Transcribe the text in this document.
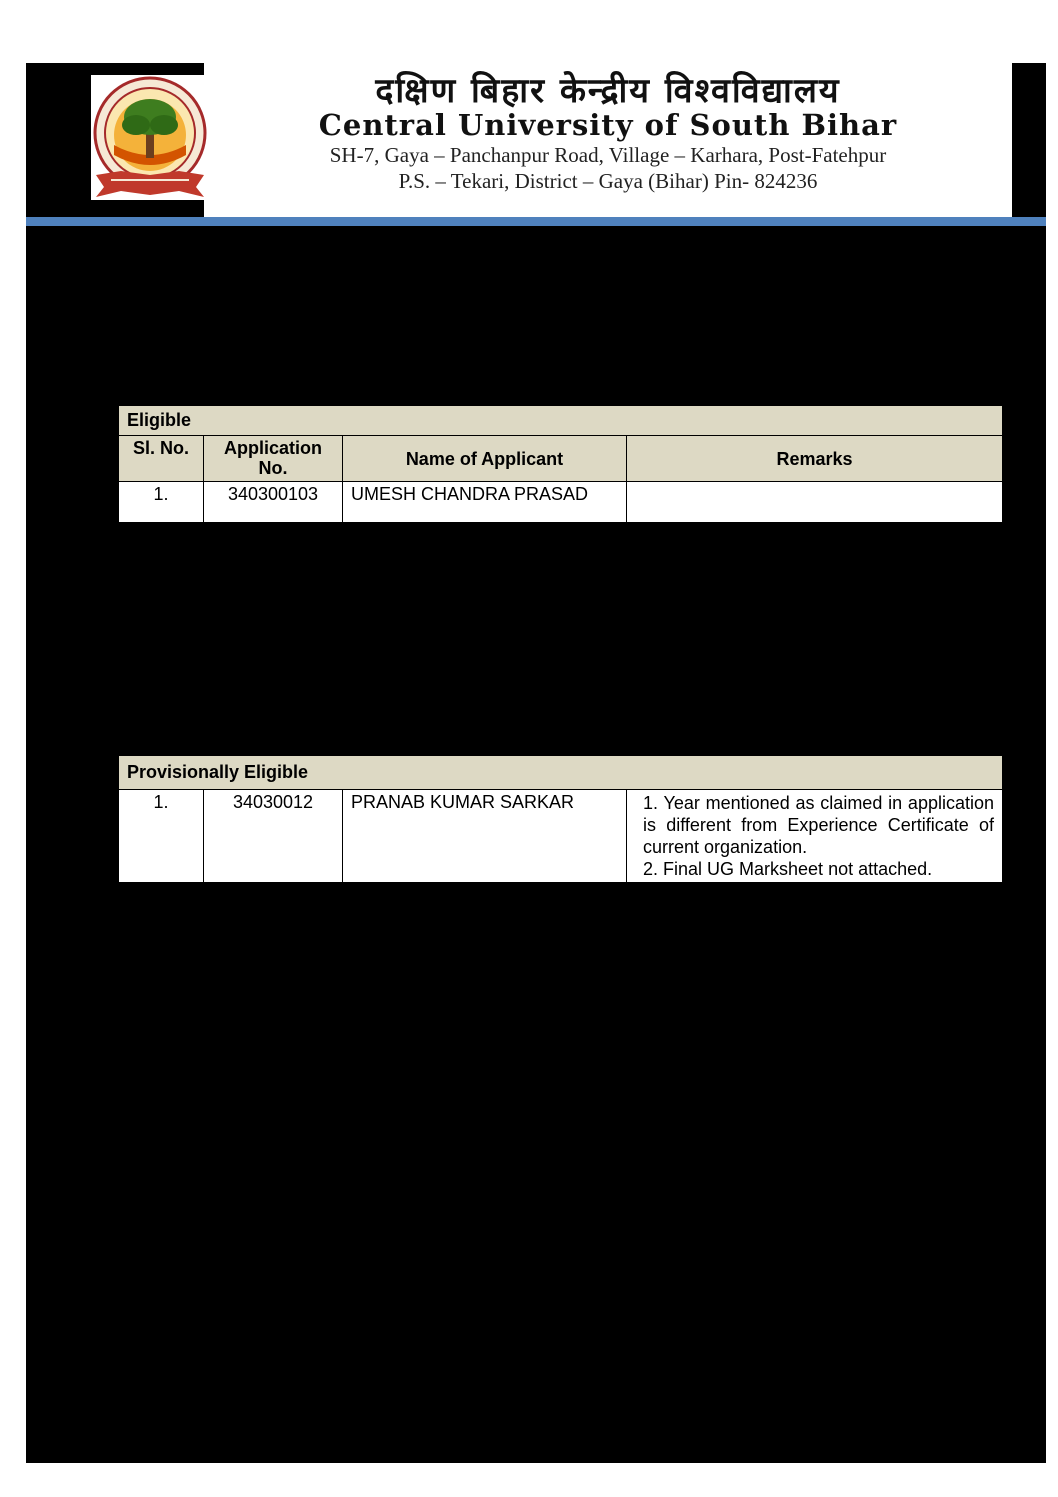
दक्षिण बिहार केन्द्रीय विश्वविद्यालय
Central University of South Bihar
SH-7, Gaya – Panchanpur Road, Village – Karhara, Post-Fatehpur
P.S. – Tekari, District – Gaya (Bihar) Pin- 824236
Eligible			
Sl. No.	Application No.	Name of Applicant	Remarks
1.	340300103	UMESH CHANDRA PRASAD	
Provisionally Eligible
1.	34030012	PRANAB KUMAR SARKAR	1. Year mentioned as claimed in application is different from Experience Certificate of current organization.
2. Final UG Marksheet not attached.
